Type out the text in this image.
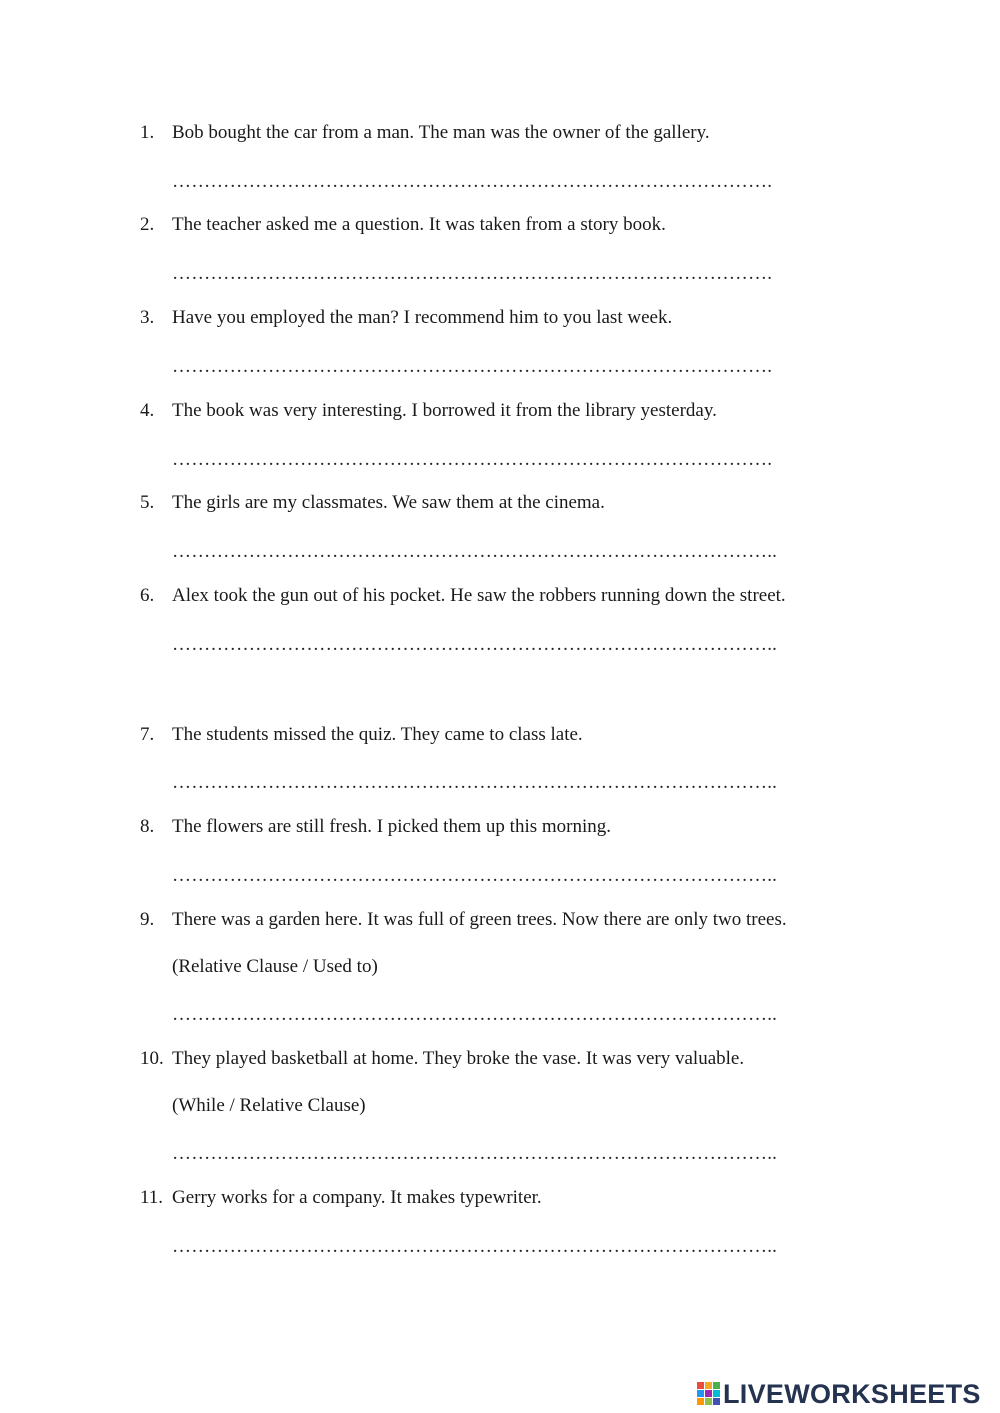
1. Bob bought the car from a man. The man was the owner of the gallery.
………………………………………………………………………………….
2. The teacher asked me a question. It was taken from a story book.
………………………………………………………………………………….
3. Have you employed the man? I recommend him to you last week.
………………………………………………………………………………….
4. The book was very interesting. I borrowed it from the library yesterday.
………………………………………………………………………………….
5. The girls are my classmates. We saw them at the cinema.
…………………………………………………………………………………..
6. Alex took the gun out of his pocket. He saw the robbers running down the street.
…………………………………………………………………………………..
7. The students missed the quiz. They came to class late.
…………………………………………………………………………………..
8. The flowers are still fresh. I picked them up this morning.
…………………………………………………………………………………..
9. There was a garden here. It was full of green trees. Now there are only two trees.
(Relative Clause / Used to)
…………………………………………………………………………………..
10. They played basketball at home. They broke the vase. It was very valuable.
(While / Relative Clause)
…………………………………………………………………………………..
11. Gerry works for a company. It makes typewriter.
…………………………………………………………………………………..
LIVEWORKSHEETS
